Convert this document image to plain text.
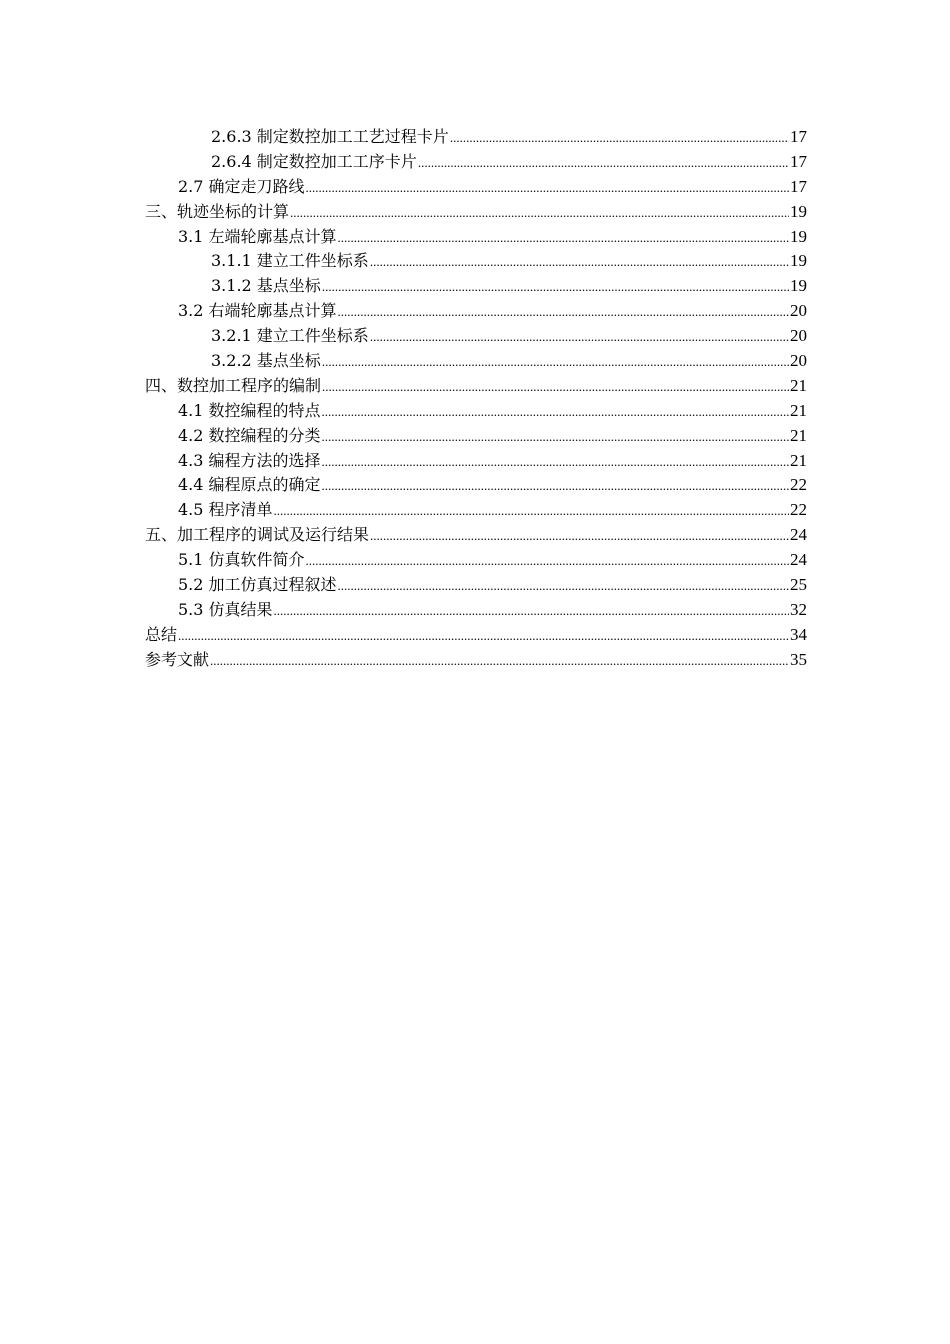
2.6.3 制定数控加工工艺过程卡片 .....	17
2.6.4 制定数控加工工序卡片 .....	17
2.7 确定走刀路线 .....	17
三、轨迹坐标的计算 .....	19
3.1 左端轮廓基点计算 .....	19
3.1.1 建立工件坐标系 .....	19
3.1.2 基点坐标 .....	19
3.2 右端轮廓基点计算 .....	20
3.2.1 建立工件坐标系 .....	20
3.2.2 基点坐标 .....	20
四、数控加工程序的编制 .....	21
4.1 数控编程的特点 .....	21
4.2 数控编程的分类 .....	21
4.3 编程方法的选择 .....	21
4.4 编程原点的确定 .....	22
4.5 程序清单 .....	22
五、加工程序的调试及运行结果 .....	24
5.1 仿真软件简介 .....	24
5.2 加工仿真过程叙述 .....	25
5.3 仿真结果 .....	32
总结 .....	34
参考文献 .....	35
